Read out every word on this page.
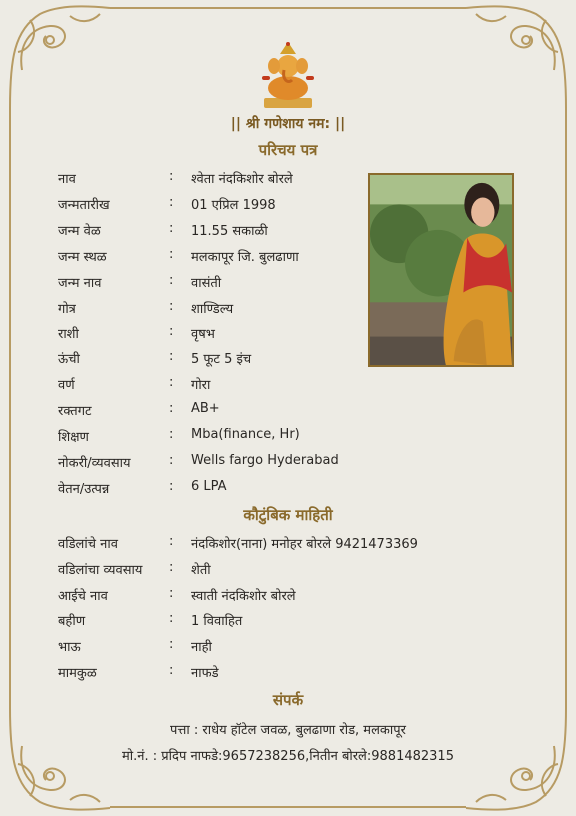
|| श्री गणेशाय नम: ||
परिचय पत्र
नाव	:	श्वेता नंदकिशोर बोरले
जन्मतारीख	:	01 एप्रिल 1998
जन्म वेळ	:	11.55 सकाळी
जन्म स्थळ	:	मलकापूर जि. बुलढाणा
जन्म नाव	:	वासंती
गोत्र	:	शाण्डिल्य
राशी	:	वृषभ
ऊंची	:	5 फूट 5 इंच
वर्ण	:	गोरा
रक्तगट	:	AB+
शिक्षण	:	Mba(finance, Hr)
नोकरी/व्यवसाय	:	Wells fargo Hyderabad
वेतन/उत्पन्न	:	6 LPA
कौटुंबिक माहिती
वडिलांचे नाव	:	नंदकिशोर(नाना) मनोहर बोरले 9421473369
वडिलांचा व्यवसाय	:	शेती
आईचे नाव	:	स्वाती नंदकिशोर बोरले
बहीण	:	1 विवाहित
भाऊ	:	नाही
मामकुळ	:	नाफडे
संपर्क
पत्ता : राधेय हॉटेल जवळ, बुलढाणा रोड, मलकापूर
मो.नं. : प्रदिप नाफडे:9657238256,नितीन बोरले:9881482315
